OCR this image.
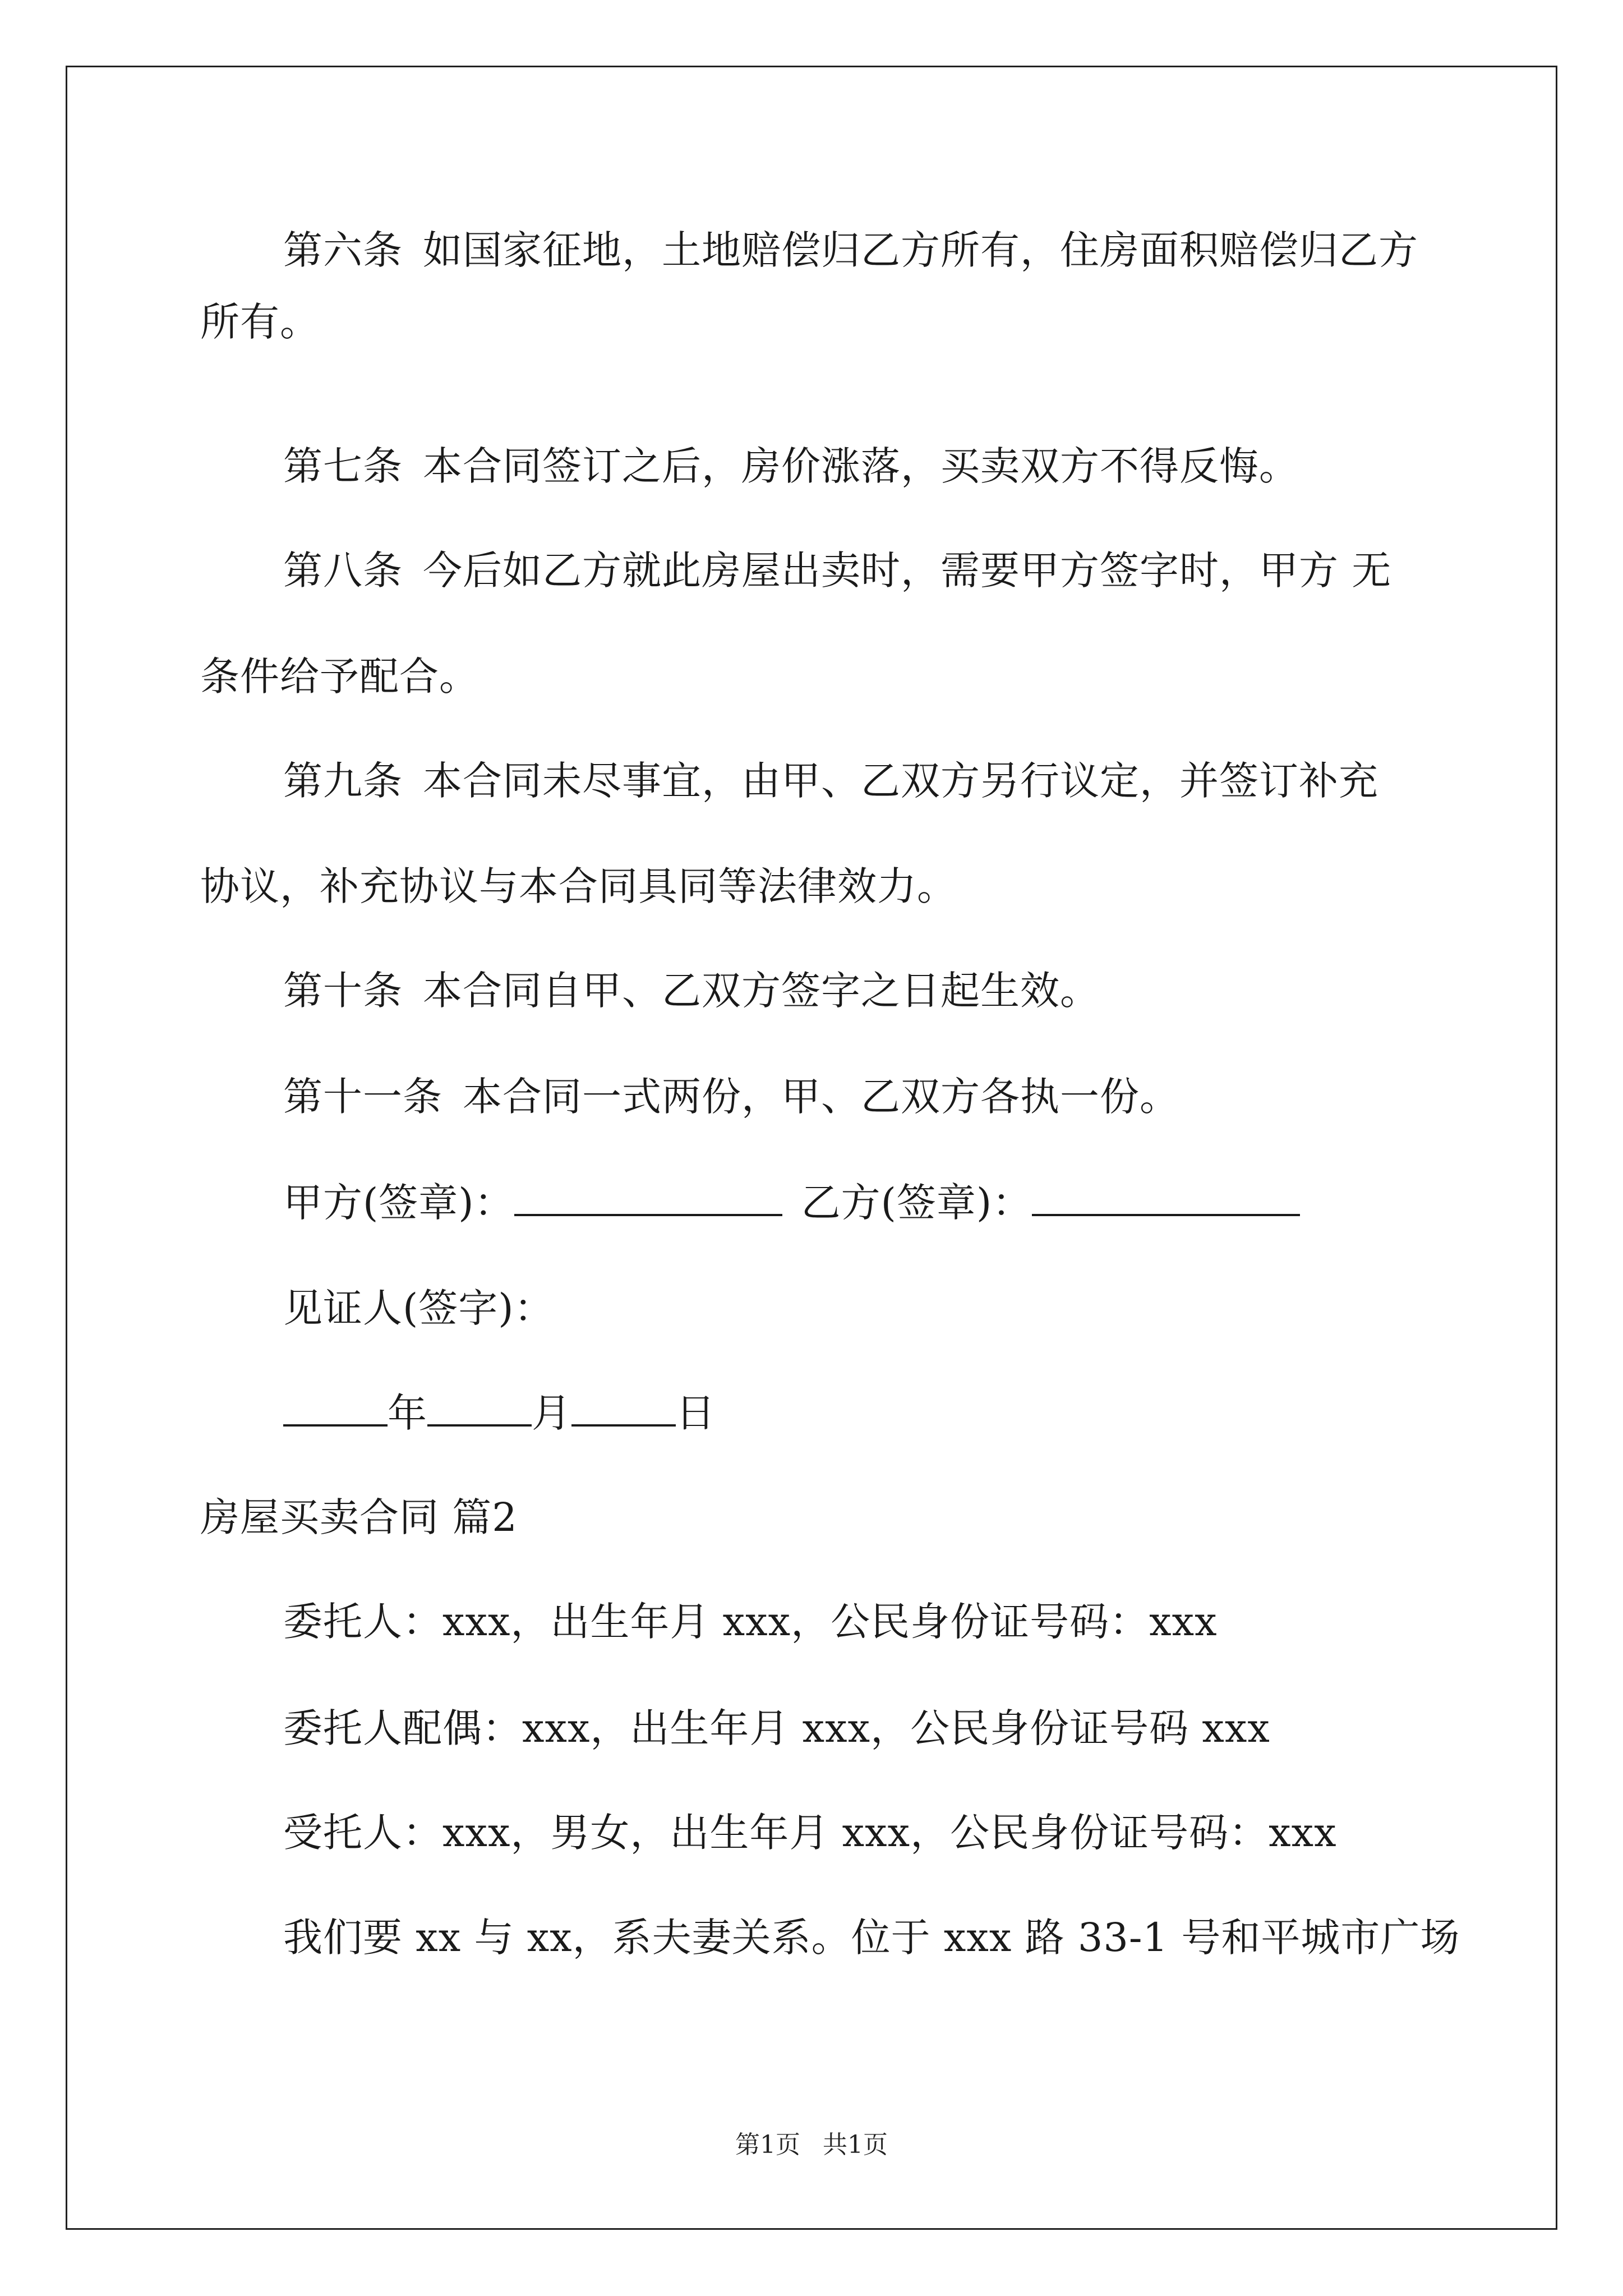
第六条 如国家征地，土地赔偿归乙方所有，住房面积赔偿归乙方
所有。
第七条 本合同签订之后，房价涨落，买卖双方不得反悔。
第八条 今后如乙方就此房屋出卖时，需要甲方签字时，甲方 无
条件给予配合。
第九条 本合同未尽事宜，由甲、乙双方另行议定，并签订补充
协议，补充协议与本合同具同等法律效力。
第十条 本合同自甲、乙双方签字之日起生效。
第十一条 本合同一式两份，甲、乙双方各执一份。
甲方(签章)：	乙方(签章)：
见证人(签字)：
年	月	日
房屋买卖合同 篇2
委托人：xxx，出生年月 xxx，公民身份证号码：xxx
委托人配偶：xxx，出生年月 xxx，公民身份证号码 xxx
受托人：xxx，男女，出生年月 xxx，公民身份证号码：xxx
我们要 xx 与 xx，系夫妻关系。位于 xxx 路 33-1 号和平城市广场
第1页 共1页
